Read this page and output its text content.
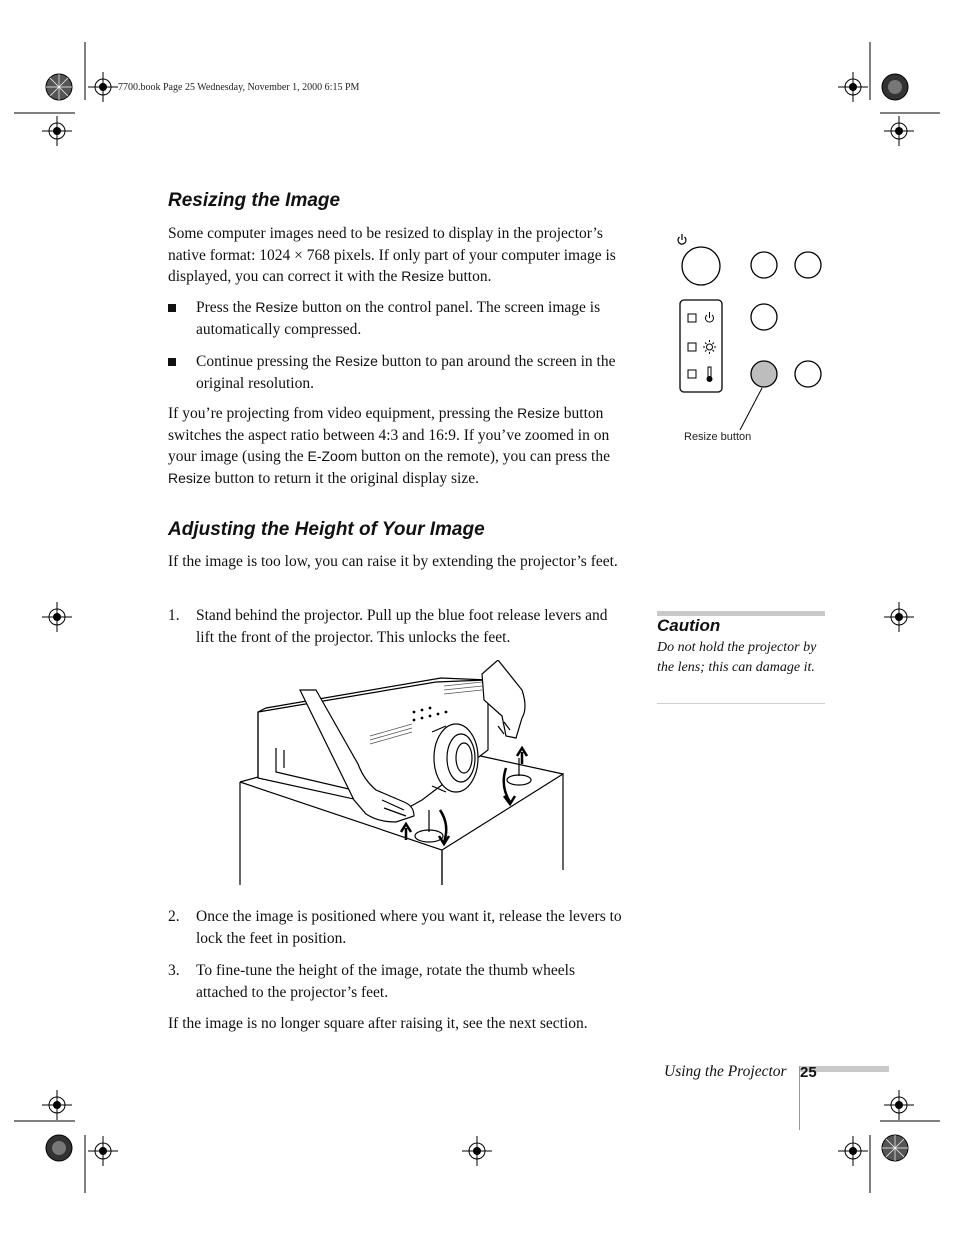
7700.book Page 25 Wednesday, November 1, 2000 6:15 PM
Resizing the Image

Some computer images need to be resized to display in the projector’s native format: 1024 × 768 pixels. If only part of your computer image is displayed, you can correct it with the Resize button.

Press the Resize button on the control panel. The screen image is automatically compressed.
Continue pressing the Resize button to pan around the screen in the original resolution.

If you’re projecting from video equipment, pressing the Resize button switches the aspect ratio between 4:3 and 16:9. If you’ve zoomed in on your image (using the E-Zoom button on the remote), you can press the Resize button to return it the original display size.

Resize button
Adjusting the Height of Your Image

If the image is too low, you can raise it by extending the projector’s feet.

1. Stand behind the projector. Pull up the blue foot release levers and lift the front of the projector. This unlocks the feet.
2. Once the image is positioned where you want it, release the levers to lock the feet in position.
3. To fine-tune the height of the image, rotate the thumb wheels attached to the projector’s feet.

If the image is no longer square after raising it, see the next section.

Caution
Do not hold the projector by the lens; this can damage it.
Using the Projector 25
